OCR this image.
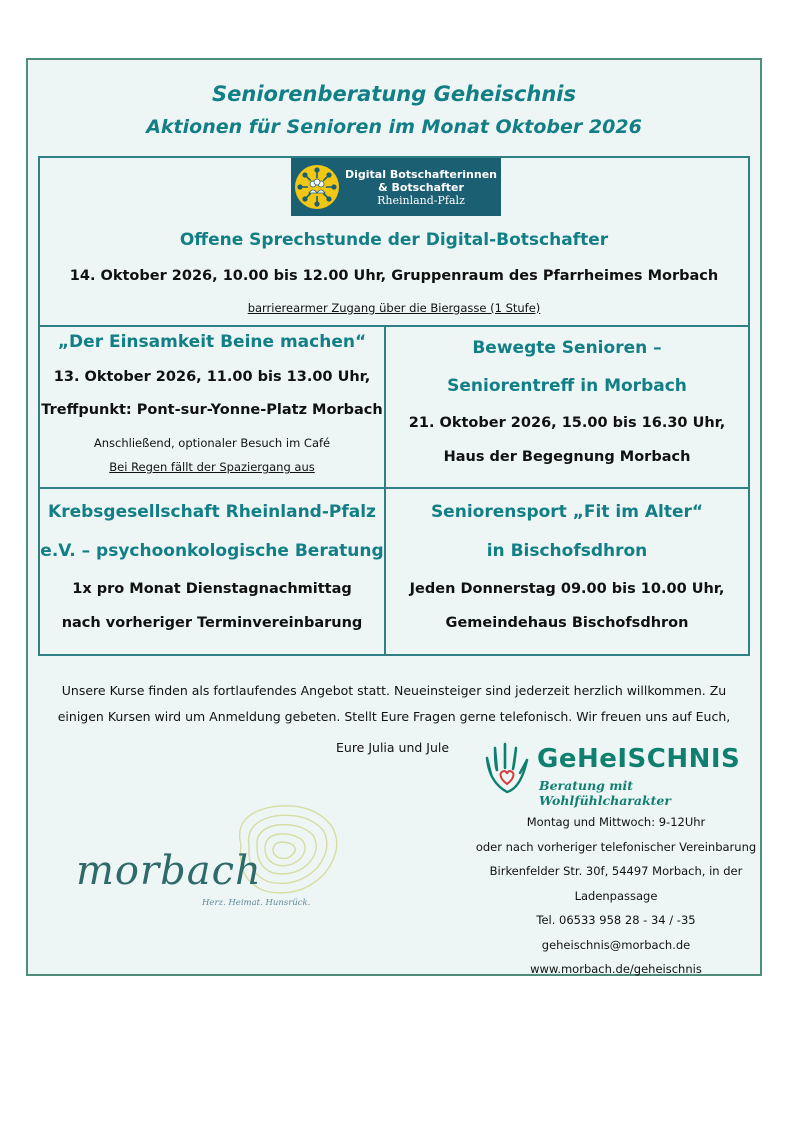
Seniorenberatung Geheischnis
Aktionen für Senioren im Monat Oktober 2026
Digital Botschafterinnen
& Botschafter
Rheinland-Pfalz
Offene Sprechstunde der Digital-Botschafter
14. Oktober 2026, 10.00 bis 12.00 Uhr, Gruppenraum des Pfarrheimes Morbach
barrierearmer Zugang über die Biergasse (1 Stufe)
„Der Einsamkeit Beine machen“
13. Oktober 2026, 11.00 bis 13.00 Uhr,
Treffpunkt: Pont-sur-Yonne-Platz Morbach
Anschließend, optionaler Besuch im Café
Bei Regen fällt der Spaziergang aus
Bewegte Senioren –
Seniorentreff in Morbach
21. Oktober 2026, 15.00 bis 16.30 Uhr,
Haus der Begegnung Morbach
Krebsgesellschaft Rheinland-Pfalz
e.V. – psychoonkologische Beratung
1x pro Monat Dienstagnachmittag
nach vorheriger Terminvereinbarung
Seniorensport „Fit im Alter“
in Bischofsdhron
Jeden Donnerstag 09.00 bis 10.00 Uhr,
Gemeindehaus Bischofsdhron
Unsere Kurse finden als fortlaufendes Angebot statt. Neueinsteiger sind jederzeit herzlich willkommen. Zu
einigen Kursen wird um Anmeldung gebeten. Stellt Eure Fragen gerne telefonisch. Wir freuen uns auf Euch,
Eure Julia und Jule	GeHeISCHNIS
Beratung mit Wohlfühlcharakter
Montag und Mittwoch: 9-12Uhr
oder nach vorheriger telefonischer Vereinbarung
Birkenfelder Str. 30f, 54497 Morbach, in der
Ladenpassage
Tel. 06533 958 28 - 34 / -35
geheischnis@morbach.de
www.morbach.de/geheischnis
morbach
Herz. Heimat. Hunsrück.
